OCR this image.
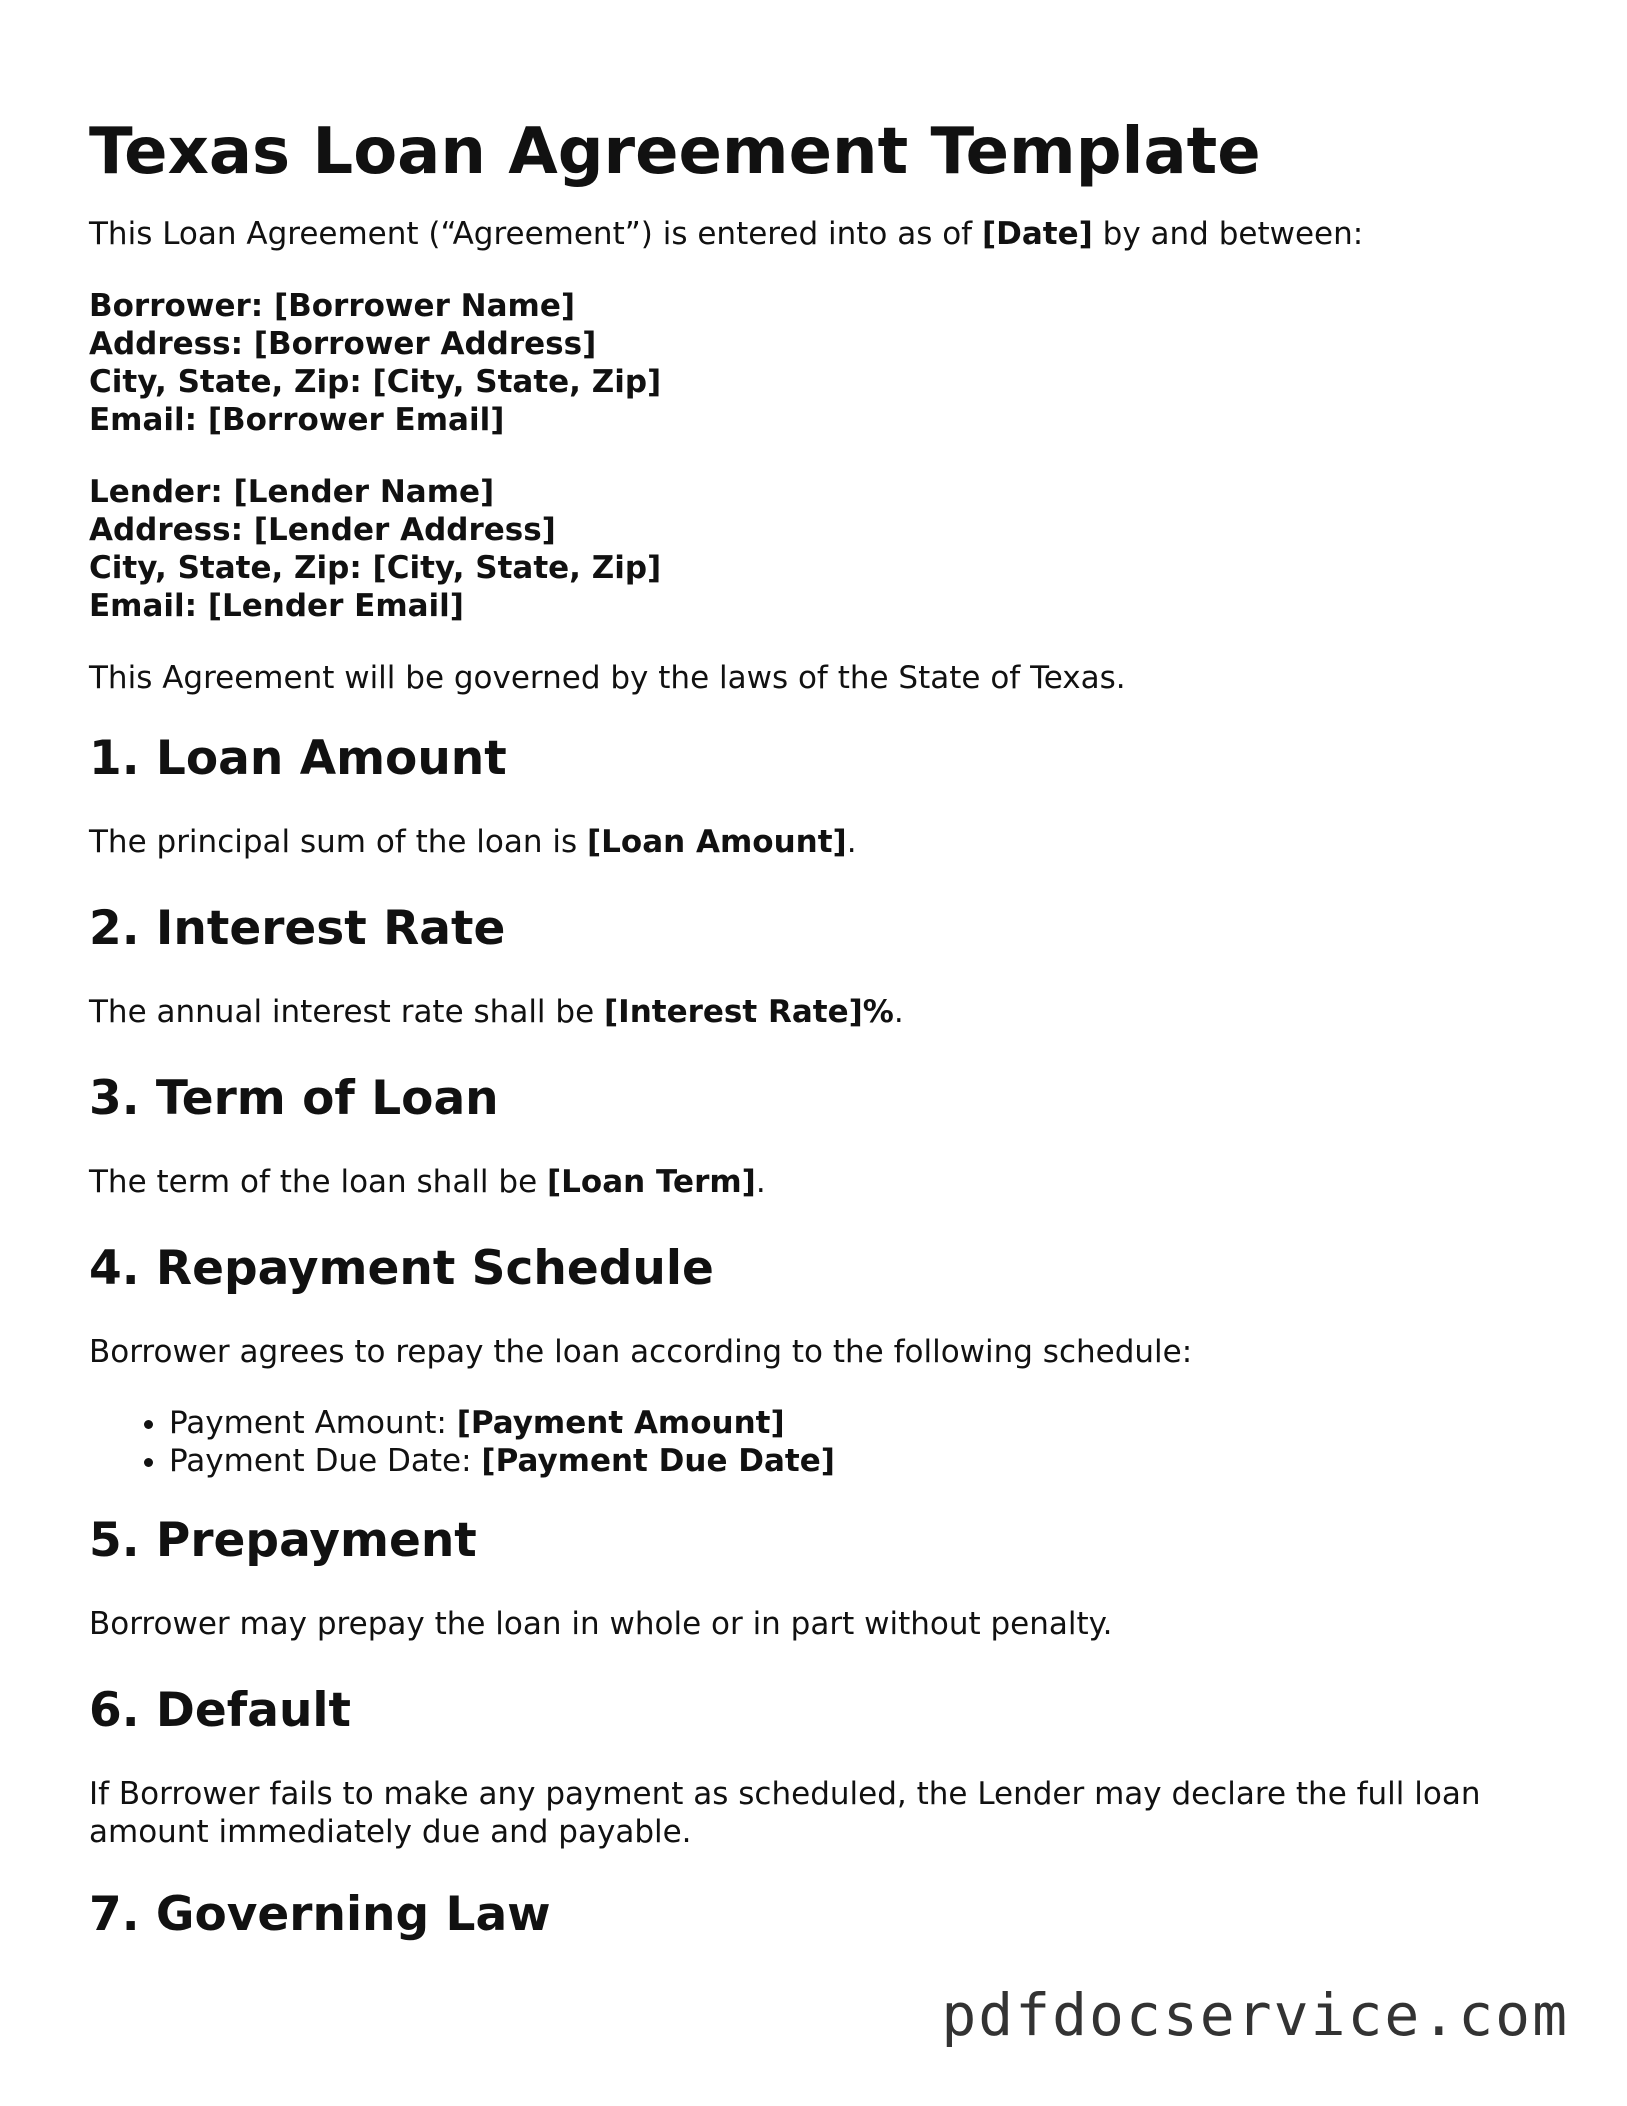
Texas Loan Agreement Template

This Loan Agreement (“Agreement”) is entered into as of [Date] by and between:

Borrower: [Borrower Name]
Address: [Borrower Address]
City, State, Zip: [City, State, Zip]
Email: [Borrower Email]
Lender: [Lender Name]
Address: [Lender Address]
City, State, Zip: [City, State, Zip]
Email: [Lender Email]

This Agreement will be governed by the laws of the State of Texas.

1. Loan Amount

The principal sum of the loan is [Loan Amount].

2. Interest Rate

The annual interest rate shall be [Interest Rate]%.

3. Term of Loan

The term of the loan shall be [Loan Term].

4. Repayment Schedule

Borrower agrees to repay the loan according to the following schedule:

• Payment Amount: [Payment Amount]
• Payment Due Date: [Payment Due Date]
5. Prepayment

Borrower may prepay the loan in whole or in part without penalty.

6. Default

If Borrower fails to make any payment as scheduled, the Lender may declare the full loan amount immediately due and payable.

7. Governing Law
pdfdocservice.com
